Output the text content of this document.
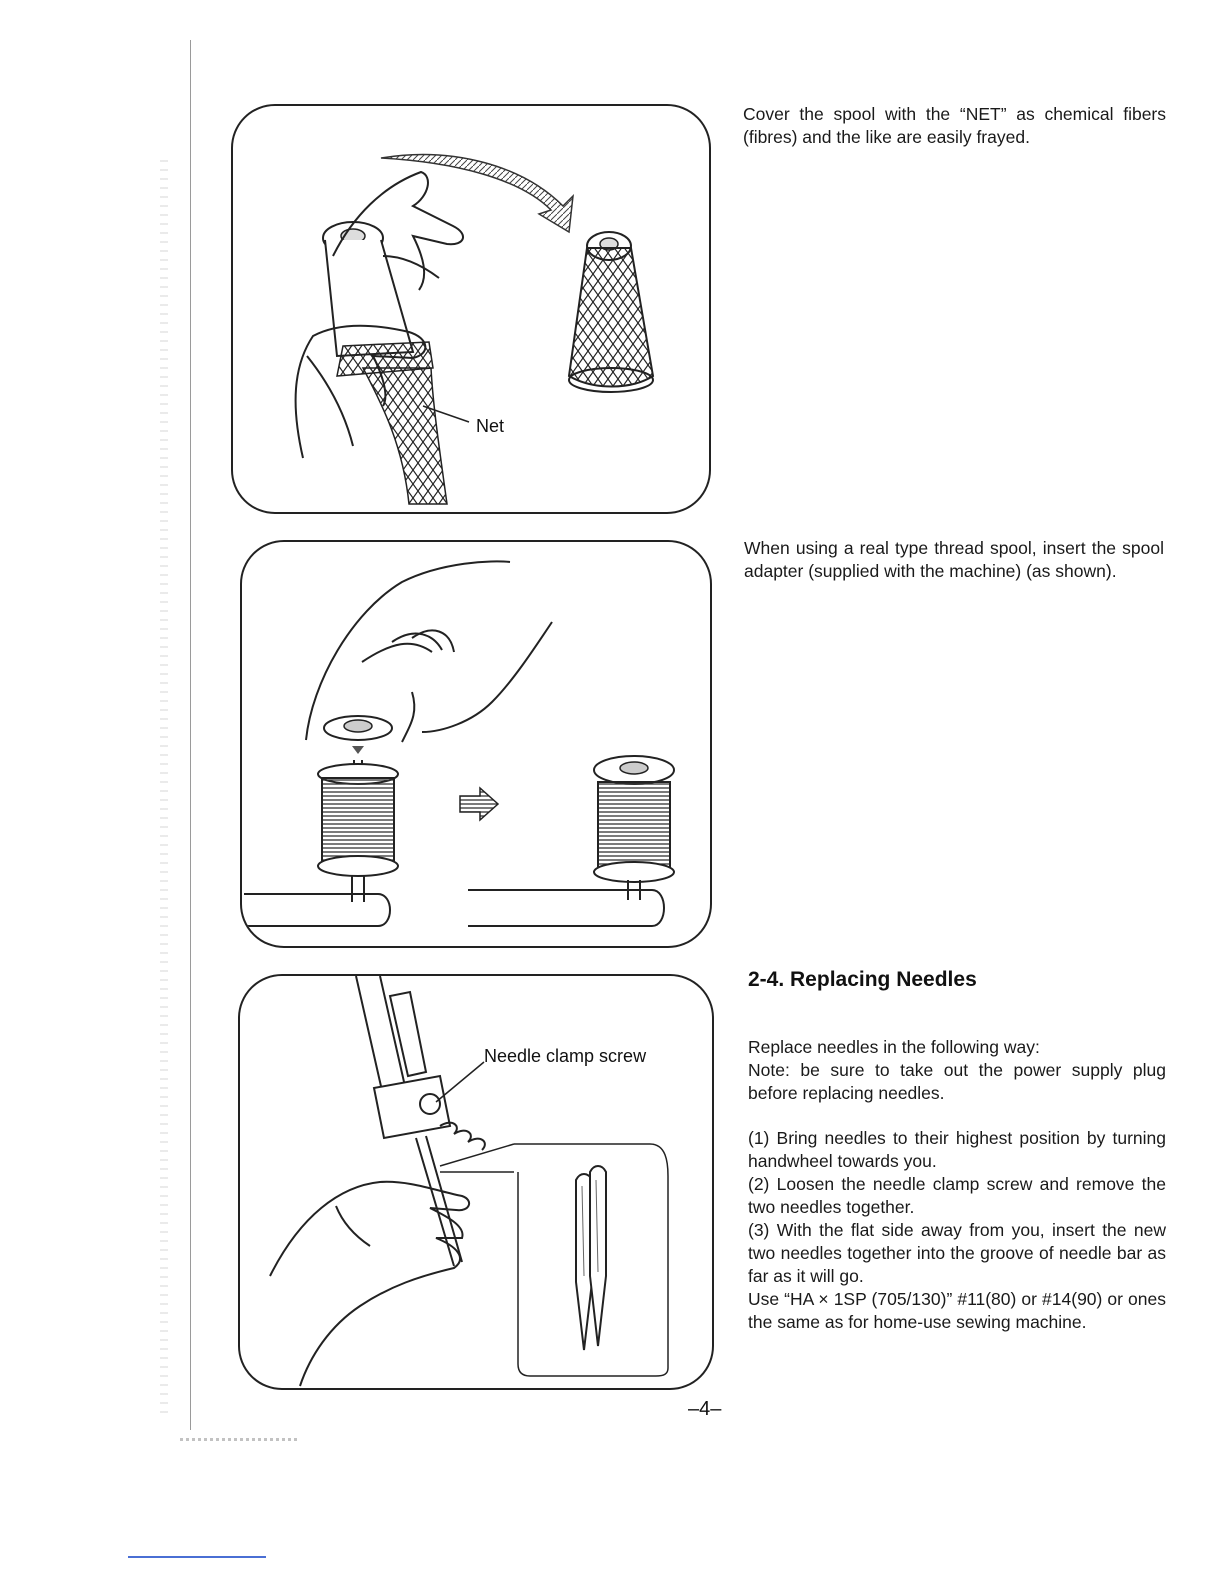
Net
Needle clamp screw

Cover the spool with the “NET” as chemical fibers (fibres) and the like are easily frayed.

When using a real type thread spool, insert the spool adapter (supplied with the machine) (as shown).

2-4. Replacing Needles

Replace needles in the following way:

Note: be sure to take out the power supply plug before replacing needles.

(1) Bring needles to their highest position by turning handwheel towards you.

(2) Loosen the needle clamp screw and remove the two needles together.

(3) With the flat side away from you, insert the new two needles together into the groove of needle bar as far as it will go.

Use “HA × 1SP (705/130)” #11(80) or #14(90) or ones the same as for home-use sewing machine.

–4–
